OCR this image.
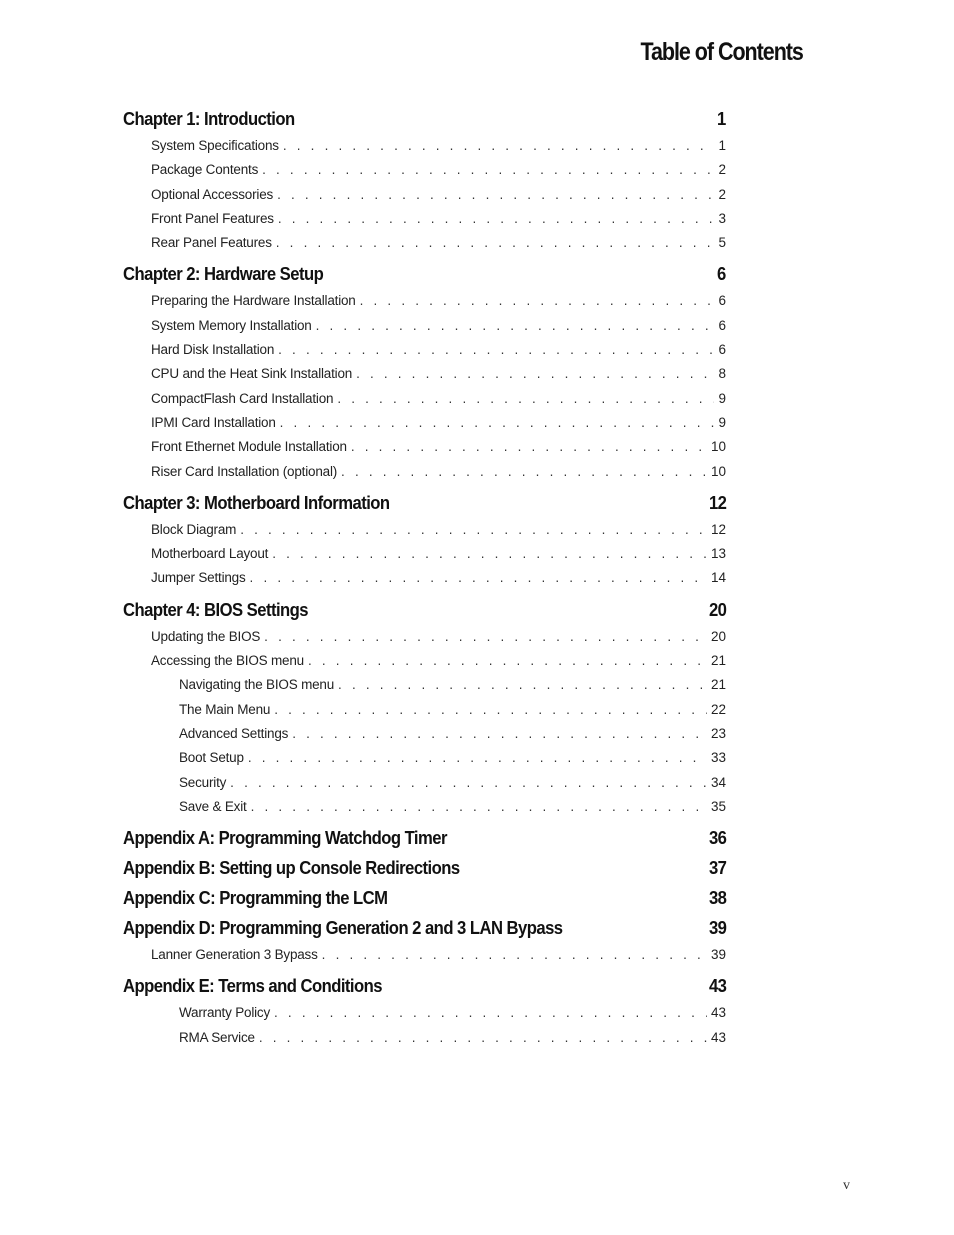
Table of Contents
Chapter 1: Introduction	1
System Specifications . . .	1
Package Contents . . .	2
Optional Accessories . . .	2
Front Panel Features . . .	3
Rear Panel Features . . .	5
Chapter 2: Hardware Setup	6
Preparing the Hardware Installation . . .	6
System Memory Installation . . .	6
Hard Disk Installation . . .	6
CPU and the Heat Sink Installation . . .	8
CompactFlash Card Installation . . .	9
IPMI Card Installation . . .	9
Front Ethernet Module Installation . . .	10
Riser Card Installation (optional) . . .	10
Chapter 3: Motherboard Information	12
Block Diagram . . .	12
Motherboard Layout . . .	13
Jumper Settings . . .	14
Chapter 4: BIOS Settings	20
Updating the BIOS . . .	20
Accessing the BIOS menu . . .	21
Navigating the BIOS menu . . .	21
The Main Menu . . .	22
Advanced Settings . . .	23
Boot Setup . . .	33
Security . . .	34
Save & Exit . . .	35
Appendix A: Programming Watchdog Timer	36
Appendix B: Setting up Console Redirections	37
Appendix C: Programming the LCM	38
Appendix D: Programming Generation 2 and 3 LAN Bypass	39
Lanner Generation 3 Bypass . . .	39
Appendix E: Terms and Conditions	43
Warranty Policy . . .	43
RMA Service . . .	43
v
